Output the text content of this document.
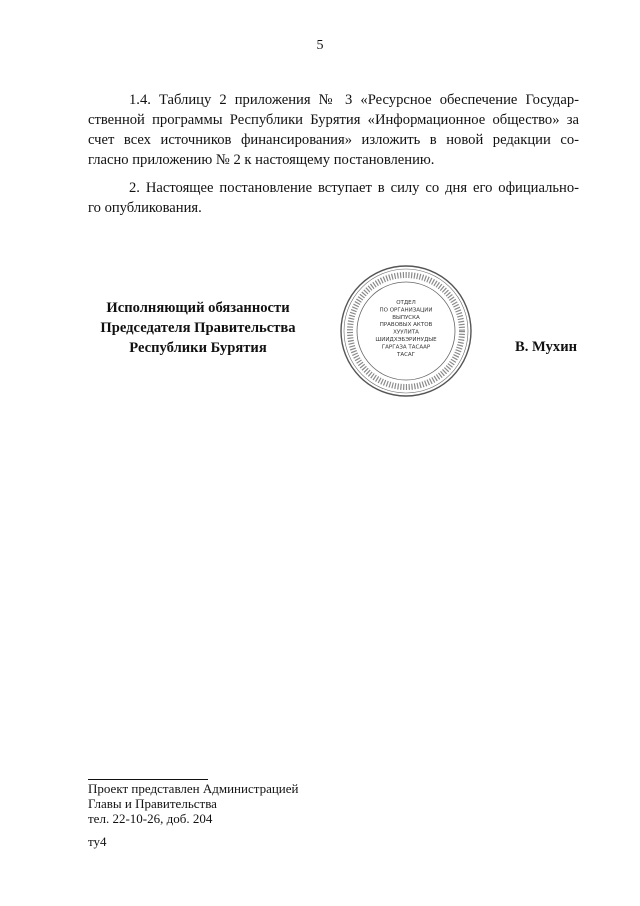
5

1.4. Таблицу 2 приложения № 3 «Ресурсное обеспечение Государ-
ственной программы Республики Бурятия «Информационное общество» за
счет всех источников финансирования» изложить в новой редакции со-
гласно приложению № 2 к настоящему постановлению.

2. Настоящее постановление вступает в силу со дня его официально-
го опубликования.

Исполняющий обязанности
Председателя Правительства
Республики Бурятия
ОТДЕЛ
ПО ОРГАНИЗАЦИИ
ВЫПУСКА
ПРАВОВЫХ АКТОВ
ХУУЛИТА
ШИИДХЭБЭРИНУДЫЕ
ГАРГАЗА ТАСААР
ТАСАГ	В. Мухин
Проект представлен Администрацией
Главы и Правительства
тел. 22-10-26, доб. 204
ту4
